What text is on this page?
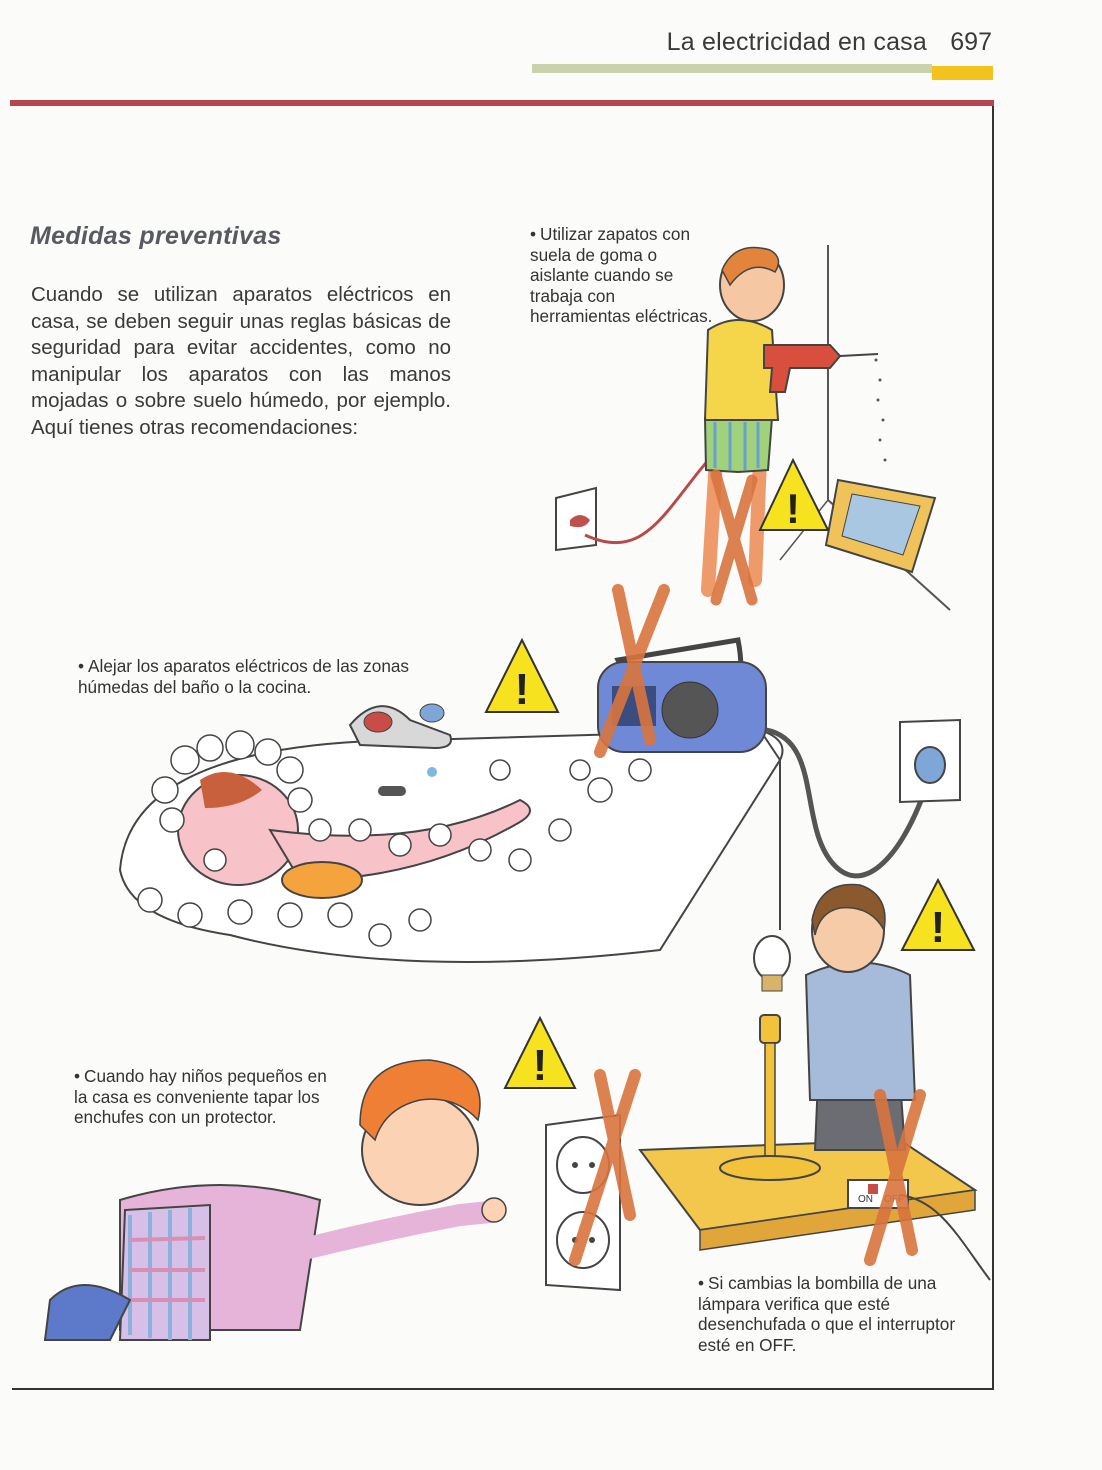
La electricidad en casa 697
Medidas preventivas
Cuando se utilizan aparatos eléctricos en casa, se deben seguir unas reglas básicas de seguridad para evitar accidentes, como no manipular los aparatos con las manos mojadas o sobre suelo húmedo, por ejemplo. Aquí tienes otras recomendaciones:
!
!
ON
!
!
• Utilizar zapatos con suela de goma o aislante cuando se trabaja con herramientas eléctricas.
• Alejar los aparatos eléctricos de las zonas húmedas del baño o la cocina.
• Cuando hay niños pequeños en la casa es conveniente tapar los enchufes con un protector.
• Si cambias la bombilla de una lámpara verifica que esté desenchufada o que el interruptor esté en OFF.
